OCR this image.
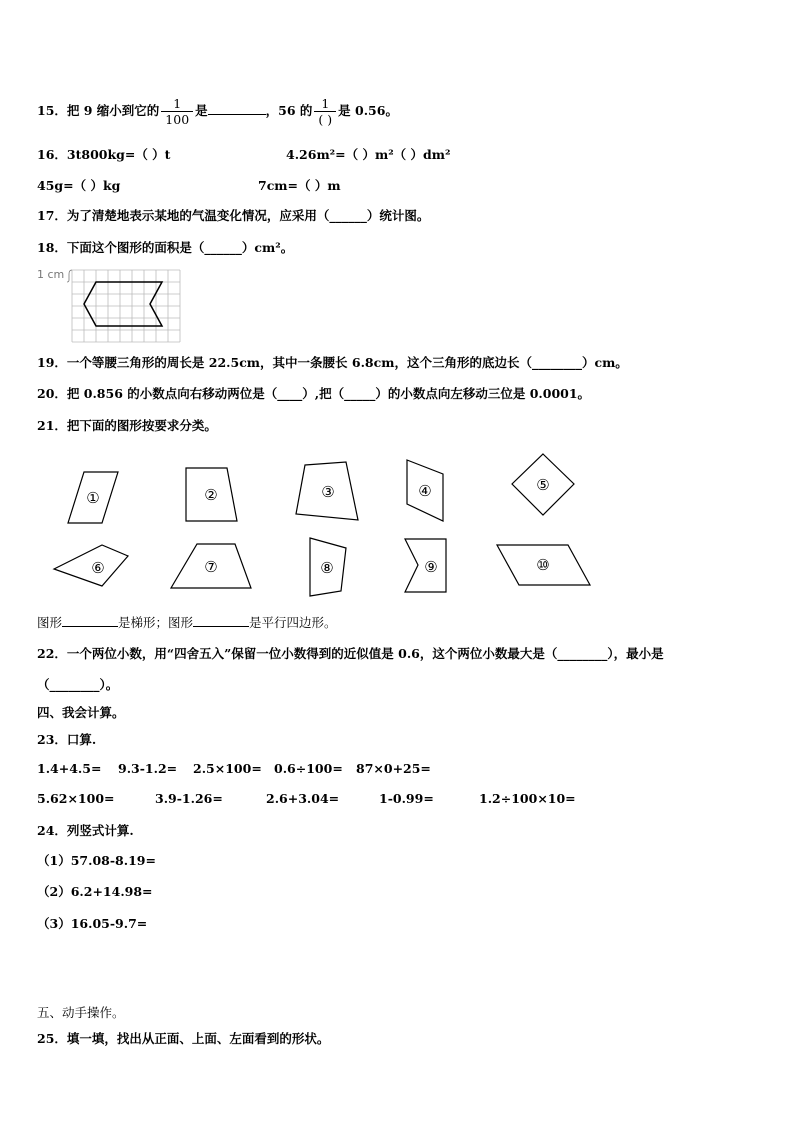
15．把 9 缩小到它的 $\frac{1}{100}$ 是	，56 的 $\frac{1}{( )}$ 是 0.56。
16．3t800kg=（ ）t	4.26m²=（ ）m²（ ）dm²
45g=（ ）kg	7cm=（ ）m
17．为了清楚地表示某地的气温变化情况，应采用（______）统计图。
18．下面这个图形的面积是（______）cm²。
1 cm
19．一个等腰三角形的周长是 22.5cm，其中一条腰长 6.8cm，这个三角形的底边长（________）cm。
20．把 0.856 的小数点向右移动两位是（____）,把（_____）的小数点向左移动三位是 0.0001。
21．把下面的图形按要求分类。
①	②	③	④	⑤
⑥	⑦	⑧	⑨	⑩
图形	是梯形；图形	是平行四边形。
22．一个两位小数，用“四舍五入”保留一位小数得到的近似值是 0.6，这个两位小数最大是（________），最小是
（________）。
四、我会计算。
23．口算.
1.4+4.5= 9.3-1.2= 2.5×100= 0.6÷100= 87×0+25=
5.62×100=	3.9-1.26=	2.6+3.04=	1-0.99=	1.2÷100×10=
24．列竖式计算.
（1）57.08-8.19=
（2）6.2+14.98=
（3）16.05-9.7=
五、动手操作。
25．填一填，找出从正面、上面、左面看到的形状。
